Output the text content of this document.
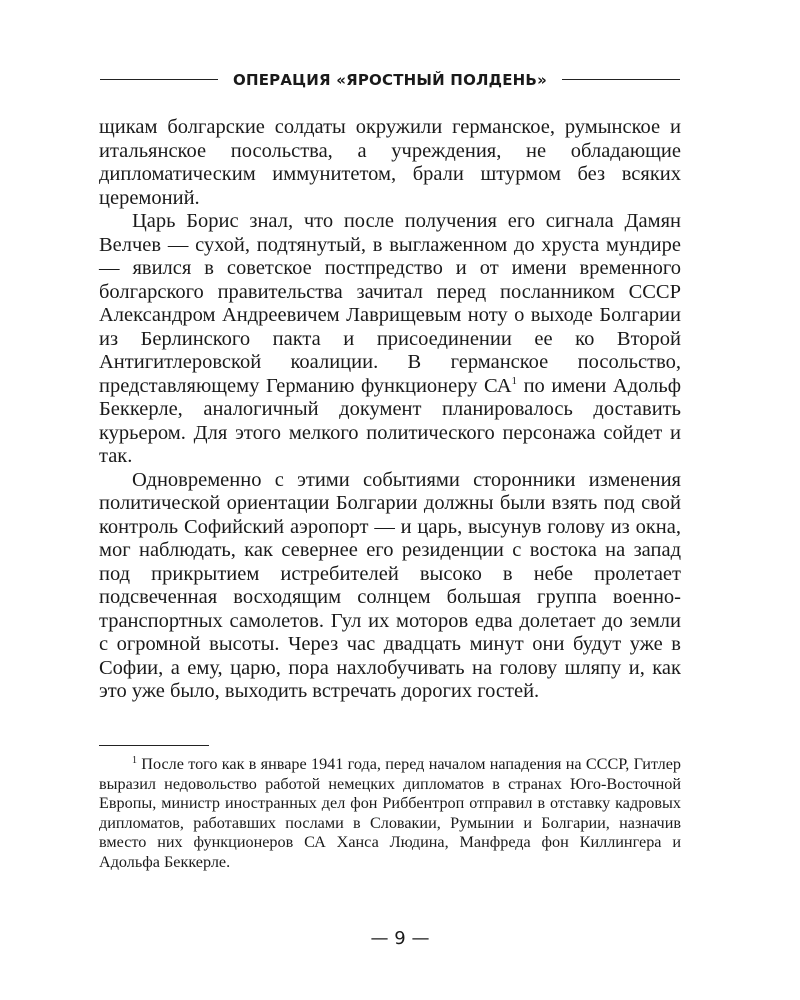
ОПЕРАЦИЯ «ЯРОСТНЫЙ ПОЛДЕНЬ»

щикам болгарские солдаты окружили германское, румынское и итальянское посольства, а учреждения, не обладающие дипломатическим иммунитетом, брали штурмом без всяких церемоний.

Царь Борис знал, что после получения его сигнала Дамян Велчев — сухой, подтянутый, в выглаженном до хруста мундире — явился в советское постпредство и от имени временного болгарского правительства зачитал перед посланником СССР Александром Андреевичем Лаврищевым ноту о выходе Болгарии из Берлинского пакта и присоединении ее ко Второй Антигитлеровской коалиции. В германское посольство, представляющему Германию функционеру $СА^1$ по имени Адольф Беккерле, аналогичный документ планировалось доставить курьером. Для этого мелкого политического персонажа сойдет и так.

Одновременно с этими событиями сторонники изменения политической ориентации Болгарии должны были взять под свой контроль Софийский аэропорт — и царь, высунув голову из окна, мог наблюдать, как севернее его резиденции с востока на запад под прикрытием истребителей высоко в небе пролетает подсвеченная восходящим солнцем большая группа военно-транспортных самолетов. Гул их моторов едва долетает до земли с огромной высоты. Через час двадцать минут они будут уже в Софии, а ему, царю, пора нахлобучивать на голову шляпу и, как это уже было, выходить встречать дорогих гостей.

$^1$ После того как в январе 1941 года, перед началом нападения на СССР, Гитлер выразил недовольство работой немецких дипломатов в странах Юго-Восточной Европы, министр иностранных дел фон Риббентроп отправил в отставку кадровых дипломатов, работавших послами в Словакии, Румынии и Болгарии, назначив вместо них функционеров СА Ханса Людина, Манфреда фон Киллингера и Адольфа Беккерле.
— 9 —
